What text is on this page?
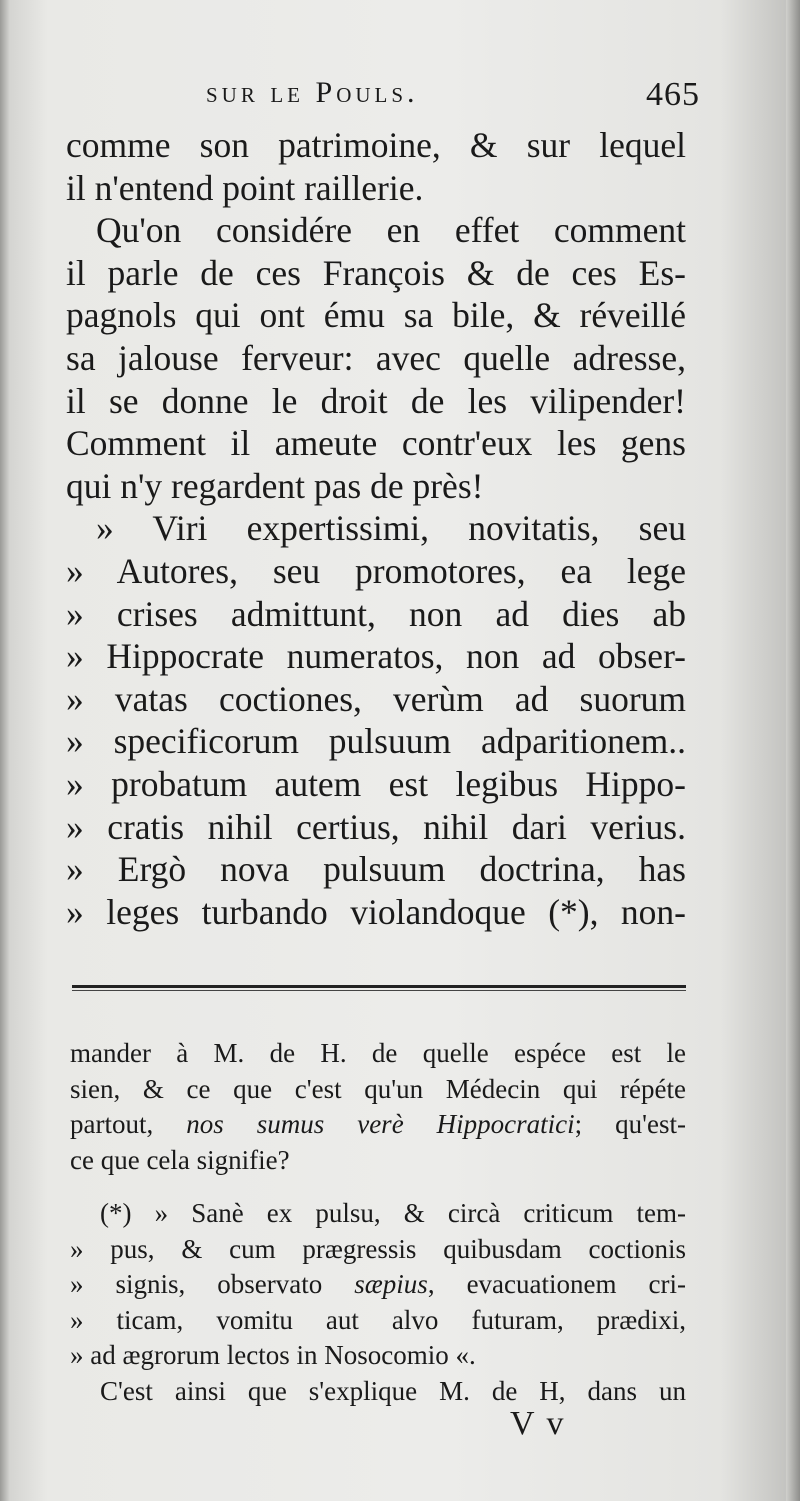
sur le Pouls.	465
comme son patrimoine, & sur lequel
il n'entend point raillerie.
Qu'on considére en effet comment
il parle de ces François & de ces Es-
pagnols qui ont ému sa bile, & réveillé
sa jalouse ferveur: avec quelle adresse,
il se donne le droit de les vilipender!
Comment il ameute contr'eux les gens
qui n'y regardent pas de près!
» Viri expertissimi, novitatis, seu
» Autores, seu promotores, ea lege
» crises admittunt, non ad dies ab
» Hippocrate numeratos, non ad obser-
» vatas coctiones, verùm ad suorum
» specificorum pulsuum adparitionem..
» probatum autem est legibus Hippo-
» cratis nihil certius, nihil dari verius.
» Ergò nova pulsuum doctrina, has
» leges turbando violandoque (*), non-
mander à M. de H. de quelle espéce est le
sien, & ce que c'est qu'un Médecin qui répéte
partout, nos sumus verè Hippocratici; qu'est-
ce que cela signifie?
(*) » Sanè ex pulsu, & circà criticum tem-
» pus, & cum prægressis quibusdam coctionis
» signis, observato sæpius, evacuationem cri-
» ticam, vomitu aut alvo futuram, prædixi,
» ad ægrorum lectos in Nosocomio «.
C'est ainsi que s'explique M. de H, dans un
V v
